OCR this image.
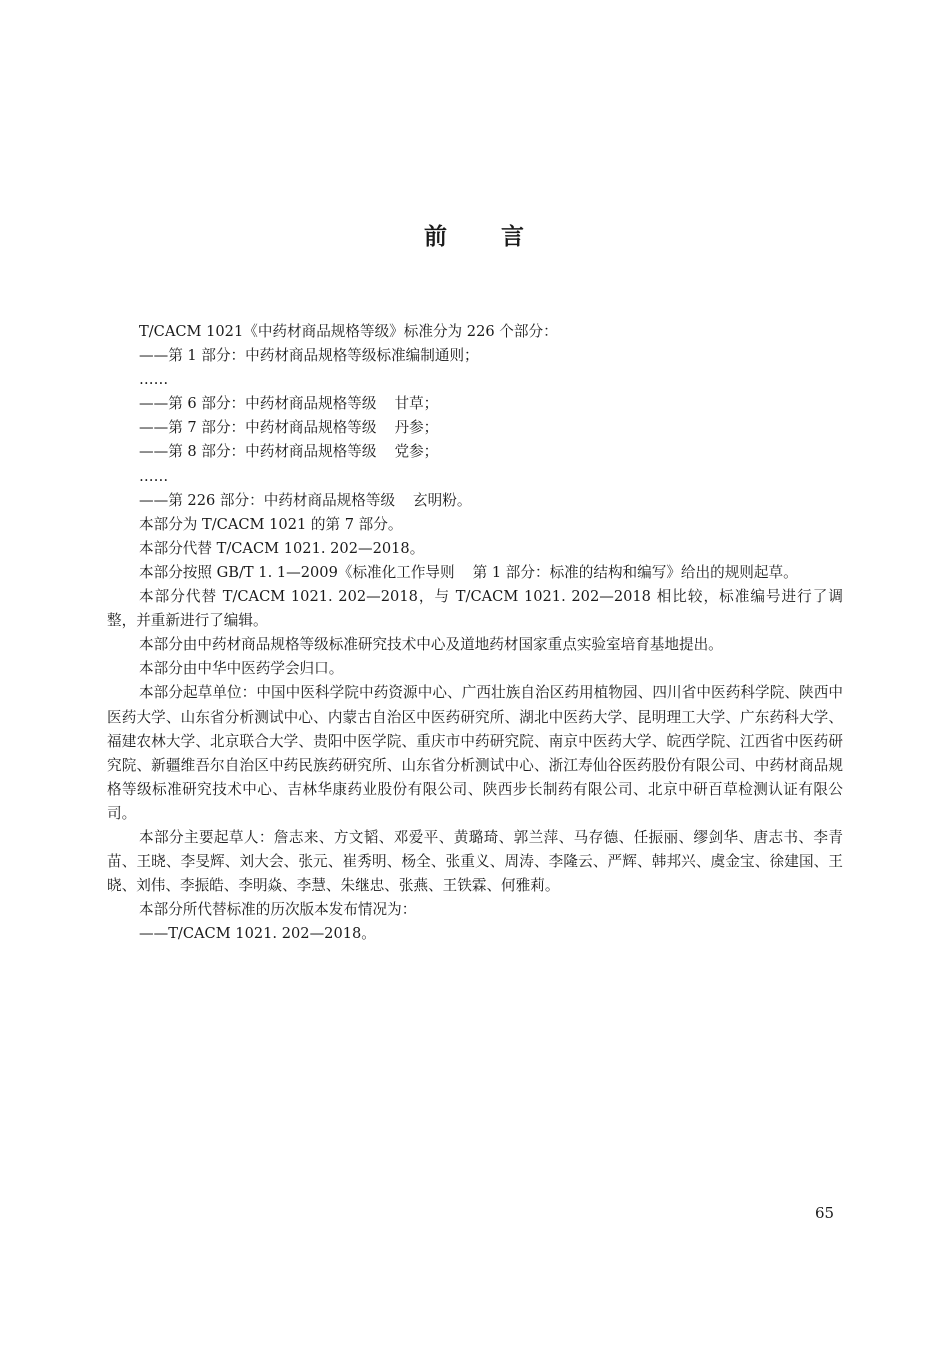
前 言

T/CACM 1021《中药材商品规格等级》标准分为 226 个部分：

——第 1 部分：中药材商品规格等级标准编制通则；

……

——第 6 部分：中药材商品规格等级 甘草；

——第 7 部分：中药材商品规格等级 丹参；

——第 8 部分：中药材商品规格等级 党参；

……

——第 226 部分：中药材商品规格等级 玄明粉。

本部分为 T/CACM 1021 的第 7 部分。

本部分代替 T/CACM 1021. 202—2018。

本部分按照 GB/T 1. 1—2009《标准化工作导则 第 1 部分：标准的结构和编写》给出的规则起草。

本部分代替 T/CACM 1021. 202—2018，与 T/CACM 1021. 202—2018 相比较，标准编号进行了调整，并重新进行了编辑。

本部分由中药材商品规格等级标准研究技术中心及道地药材国家重点实验室培育基地提出。

本部分由中华中医药学会归口。

本部分起草单位：中国中医科学院中药资源中心、广西壮族自治区药用植物园、四川省中医药科学院、陕西中医药大学、山东省分析测试中心、内蒙古自治区中医药研究所、湖北中医药大学、昆明理工大学、广东药科大学、福建农林大学、北京联合大学、贵阳中医学院、重庆市中药研究院、南京中医药大学、皖西学院、江西省中医药研究院、新疆维吾尔自治区中药民族药研究所、山东省分析测试中心、浙江寿仙谷医药股份有限公司、中药材商品规格等级标准研究技术中心、吉林华康药业股份有限公司、陕西步长制药有限公司、北京中研百草检测认证有限公司。

本部分主要起草人：詹志来、方文韬、邓爱平、黄璐琦、郭兰萍、马存德、任振丽、缪剑华、唐志书、李青苗、王晓、李旻辉、刘大会、张元、崔秀明、杨全、张重义、周涛、李隆云、严辉、韩邦兴、虞金宝、徐建国、王晓、刘伟、李振皓、李明焱、李慧、朱继忠、张燕、王铁霖、何雅莉。

本部分所代替标准的历次版本发布情况为：

——T/CACM 1021. 202—2018。

65
